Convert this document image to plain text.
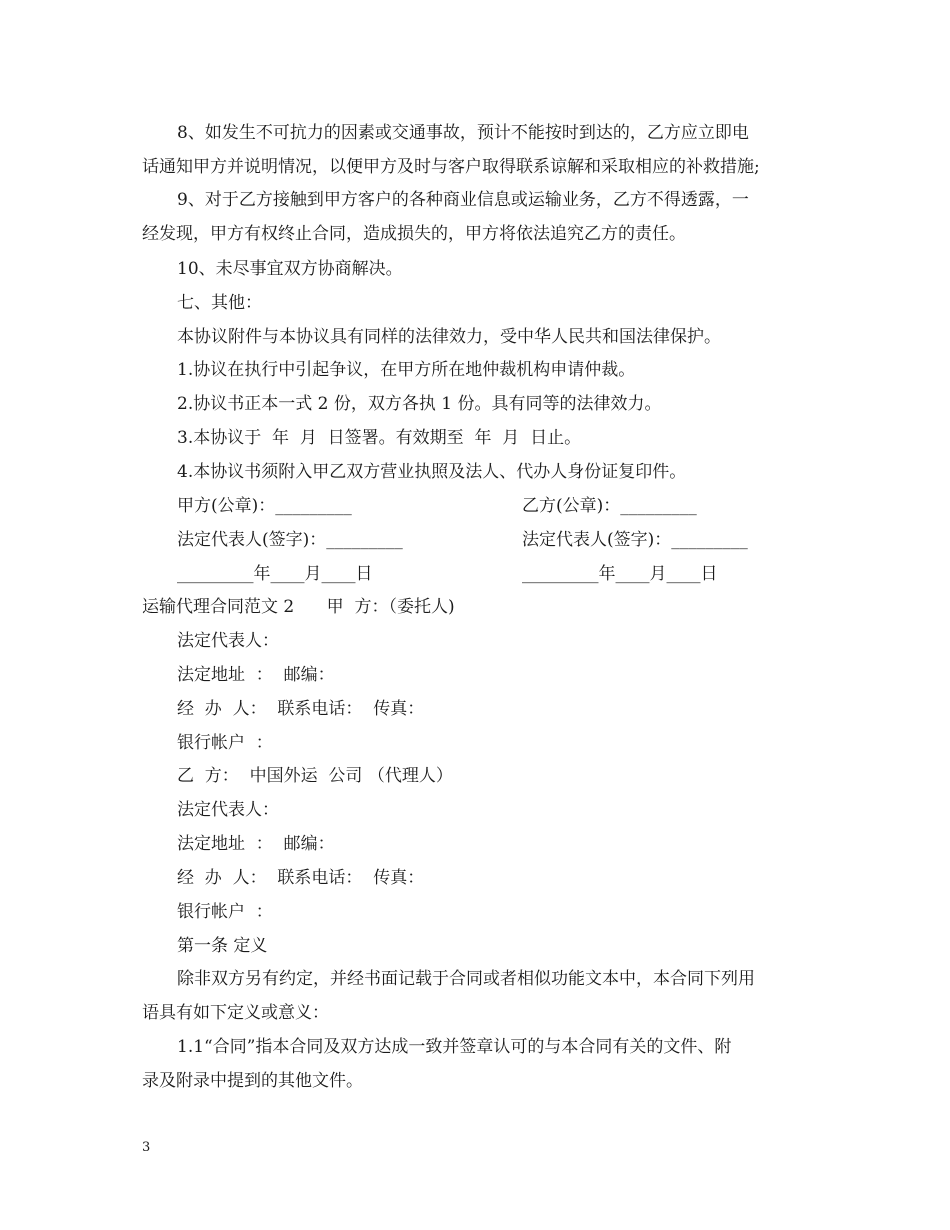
8、如发生不可抗力的因素或交通事故，预计不能按时到达的，乙方应立即电
话通知甲方并说明情况，以便甲方及时与客户取得联系谅解和采取相应的补救措施;
9、对于乙方接触到甲方客户的各种商业信息或运输业务，乙方不得透露，一
经发现，甲方有权终止合同，造成损失的，甲方将依法追究乙方的责任。
10、未尽事宜双方协商解决。
七、其他：
本协议附件与本协议具有同样的法律效力，受中华人民共和国法律保护。
1.协议在执行中引起争议，在甲方所在地仲裁机构申请仲裁。
2.协议书正本一式 2 份，双方各执 1 份。具有同等的法律效力。
3.本协议于  年  月  日签署。有效期至  年  月  日止。
4.本协议书须附入甲乙双方营业执照及法人、代办人身份证复印件。
甲方(公章)：_________	乙方(公章)：_________
法定代表人(签字)：_________	法定代表人(签字)：_________
_________年____月____日	_________年____月____日
运输代理合同范文 2      甲  方：（委托人)
法定代表人：
法定地址  ：  邮编：
经  办  人：  联系电话：  传真：
银行帐户  ：
乙  方：  中国外运  公司 （代理人）
法定代表人：
法定地址  ：  邮编：
经  办  人：  联系电话：  传真：
银行帐户  ：
第一条 定义
除非双方另有约定，并经书面记载于合同或者相似功能文本中，本合同下列用
语具有如下定义或意义：
1.1“合同”指本合同及双方达成一致并签章认可的与本合同有关的文件、附
录及附录中提到的其他文件。
3
